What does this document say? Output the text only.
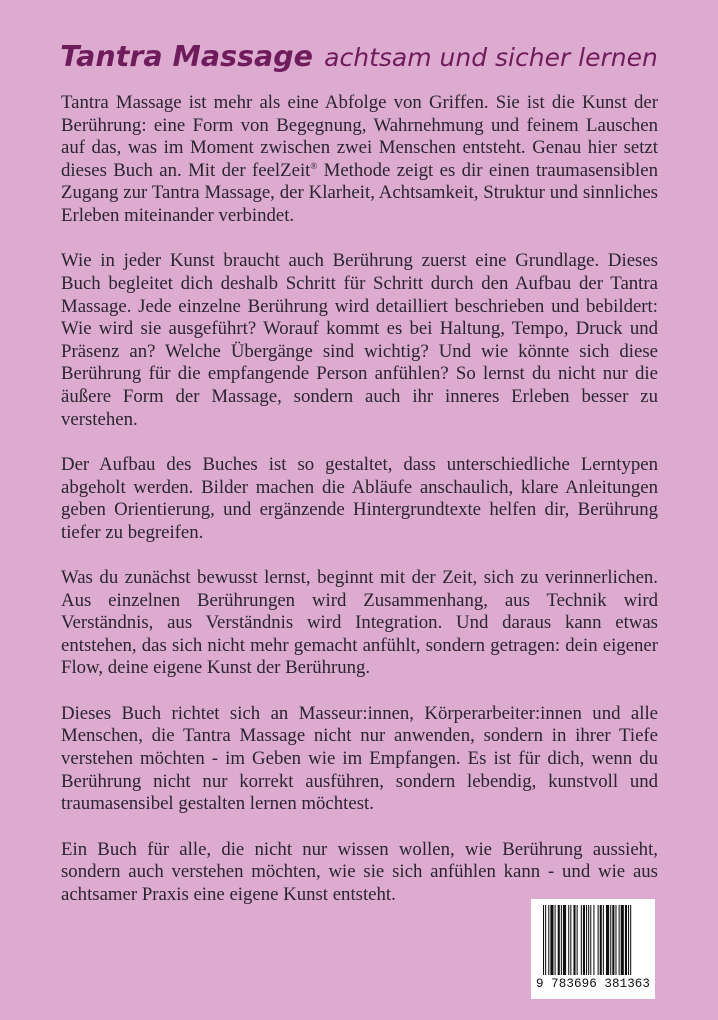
Tantra Massage achtsam und sicher lernen

Tantra Massage ist mehr als eine Abfolge von Griffen. Sie ist die Kunst der Berührung: eine Form von Begegnung, Wahrnehmung und feinem Lauschen auf das, was im Moment zwischen zwei Menschen entsteht. Genau hier setzt dieses Buch an. Mit der feelZeit® Methode zeigt es dir einen traumasensiblen Zugang zur Tantra Massage, der Klarheit, Achtsamkeit, Struktur und sinnliches Erleben miteinander verbindet.

Wie in jeder Kunst braucht auch Berührung zuerst eine Grundlage. Dieses Buch begleitet dich deshalb Schritt für Schritt durch den Aufbau der Tantra Massage. Jede einzelne Berührung wird detailliert beschrieben und bebildert: Wie wird sie ausgeführt? Worauf kommt es bei Haltung, Tempo, Druck und Präsenz an? Welche Übergänge sind wichtig? Und wie könnte sich diese Berührung für die empfangende Person anfühlen? So lernst du nicht nur die äußere Form der Massage, sondern auch ihr inneres Erleben besser zu verstehen.

Der Aufbau des Buches ist so gestaltet, dass unterschiedliche Lerntypen abgeholt werden. Bilder machen die Abläufe anschaulich, klare Anleitungen geben Orientierung, und ergänzende Hintergrundtexte helfen dir, Berührung tiefer zu begreifen.

Was du zunächst bewusst lernst, beginnt mit der Zeit, sich zu verinnerlichen. Aus einzelnen Berührungen wird Zusammenhang, aus Technik wird Verständnis, aus Verständnis wird Integration. Und daraus kann etwas entstehen, das sich nicht mehr gemacht anfühlt, sondern getragen: dein eigener Flow, deine eigene Kunst der Berührung.

Dieses Buch richtet sich an Masseur:innen, Körperarbeiter:innen und alle Menschen, die Tantra Massage nicht nur anwenden, sondern in ihrer Tiefe verstehen möchten - im Geben wie im Empfangen. Es ist für dich, wenn du Berührung nicht nur korrekt ausführen, sondern lebendig, kunstvoll und traumasensibel gestalten lernen möchtest.

Ein Buch für alle, die nicht nur wissen wollen, wie Berührung aussieht, sondern auch verstehen möchten, wie sie sich anfühlen kann - und wie aus achtsamer Praxis eine eigene Kunst entsteht.

9 783696 381363
